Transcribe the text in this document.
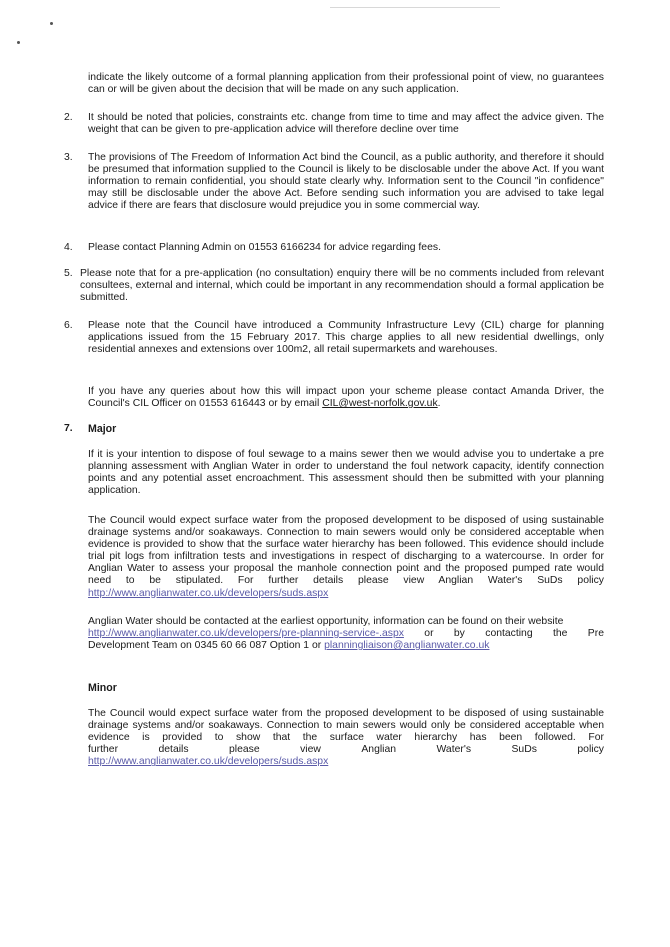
indicate the likely outcome of a formal planning application from their professional point of view, no guarantees can or will be given about the decision that will be made on any such application.
2. It should be noted that policies, constraints etc. change from time to time and may affect the advice given. The weight that can be given to pre-application advice will therefore decline over time
3. The provisions of The Freedom of Information Act bind the Council, as a public authority, and therefore it should be presumed that information supplied to the Council is likely to be disclosable under the above Act. If you want information to remain confidential, you should state clearly why. Information sent to the Council "in confidence" may still be disclosable under the above Act. Before sending such information you are advised to take legal advice if there are fears that disclosure would prejudice you in some commercial way.
4. Please contact Planning Admin on 01553 6166234 for advice regarding fees.
5. Please note that for a pre-application (no consultation) enquiry there will be no comments included from relevant consultees, external and internal, which could be important in any recommendation should a formal application be submitted.
6. Please note that the Council have introduced a Community Infrastructure Levy (CIL) charge for planning applications issued from the 15 February 2017. This charge applies to all new residential dwellings, only residential annexes and extensions over 100m2, all retail supermarkets and warehouses.
If you have any queries about how this will impact upon your scheme please contact Amanda Driver, the Council's CIL Officer on 01553 616443 or by email CIL@west-norfolk.gov.uk.
7. Major
If it is your intention to dispose of foul sewage to a mains sewer then we would advise you to undertake a pre planning assessment with Anglian Water in order to understand the foul network capacity, identify connection points and any potential asset encroachment. This assessment should then be submitted with your planning application.
The Council would expect surface water from the proposed development to be disposed of using sustainable drainage systems and/or soakaways. Connection to main sewers would only be considered acceptable when evidence is provided to show that the surface water hierarchy has been followed. This evidence should include trial pit logs from infiltration tests and investigations in respect of discharging to a watercourse. In order for Anglian Water to assess your proposal the manhole connection point and the proposed pumped rate would need to be stipulated. For further details please view Anglian Water's SuDs policy http://www.anglianwater.co.uk/developers/suds.aspx
Anglian Water should be contacted at the earliest opportunity, information can be found on their website
http://www.anglianwater.co.uk/developers/pre-planning-service-.aspx or by contacting the Pre
Development Team on 0345 60 66 087 Option 1 or planningliaison@anglianwater.co.uk
Minor
The Council would expect surface water from the proposed development to be disposed of using sustainable drainage systems and/or soakaways. Connection to main sewers would only be considered acceptable when evidence is provided to show that the surface water hierarchy has been followed. For
further	details	please	view	Anglian	Water's	SuDs	policy
http://www.anglianwater.co.uk/developers/suds.aspx
